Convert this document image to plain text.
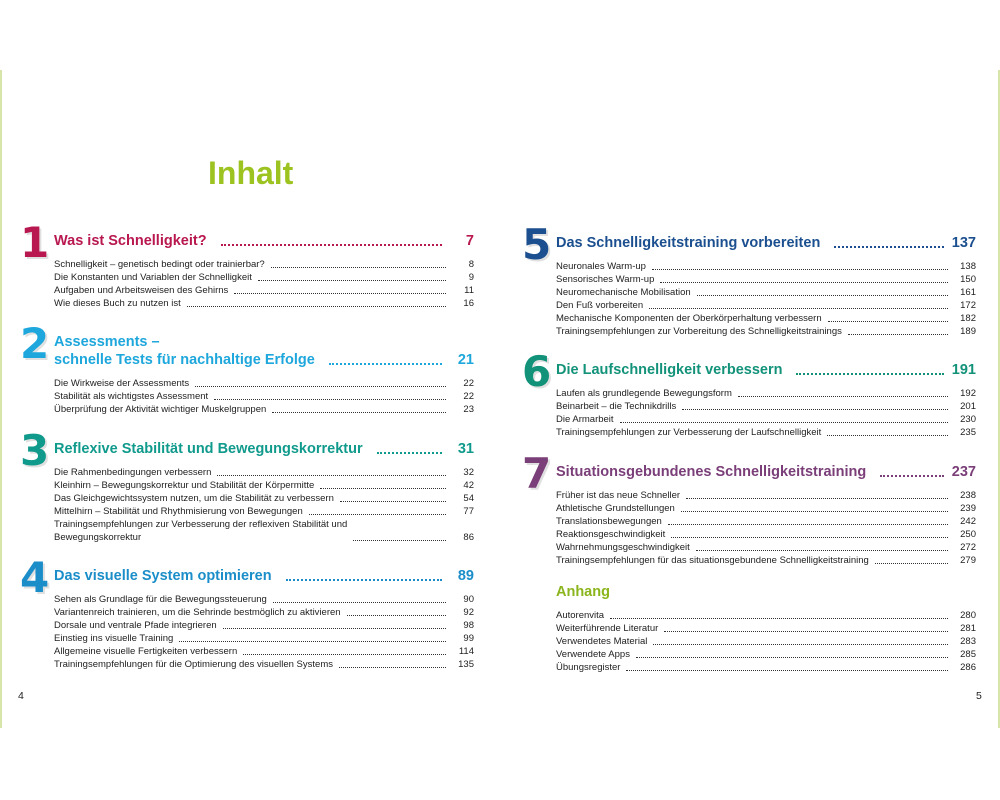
Inhalt
1 Was ist Schnelligkeit?	7
Schnelligkeit – genetisch bedingt oder trainierbar?	8
Die Konstanten und Variablen der Schnelligkeit	9
Aufgaben und Arbeitsweisen des Gehirns	11
Wie dieses Buch zu nutzen ist	16
2 Assessments –
schnelle Tests für nachhaltige Erfolge	21
Die Wirkweise der Assessments	22
Stabilität als wichtigstes Assessment	22
Überprüfung der Aktivität wichtiger Muskelgruppen	23
3 Reflexive Stabilität und Bewegungskorrektur	31
Die Rahmenbedingungen verbessern	32
Kleinhirn – Bewegungskorrektur und Stabilität der Körpermitte	42
Das Gleichgewichtssystem nutzen, um die Stabilität zu verbessern	54
Mittelhirn – Stabilität und Rhythmisierung von Bewegungen	77
Trainingsempfehlungen zur Verbesserung der reflexiven Stabilität und
Bewegungskorrektur	86
4 Das visuelle System optimieren	89
Sehen als Grundlage für die Bewegungssteuerung	90
Variantenreich trainieren, um die Sehrinde bestmöglich zu aktivieren	92
Dorsale und ventrale Pfade integrieren	98
Einstieg ins visuelle Training	99
Allgemeine visuelle Fertigkeiten verbessern	114
Trainingsempfehlungen für die Optimierung des visuellen Systems	135
5 Das Schnelligkeitstraining vorbereiten	137
Neuronales Warm-up	138
Sensorisches Warm-up	150
Neuromechanische Mobilisation	161
Den Fuß vorbereiten	172
Mechanische Komponenten der Oberkörperhaltung verbessern	182
Trainingsempfehlungen zur Vorbereitung des Schnelligkeitstrainings	189
6 Die Laufschnelligkeit verbessern	191
Laufen als grundlegende Bewegungsform	192
Beinarbeit – die Technikdrills	201
Die Armarbeit	230
Trainingsempfehlungen zur Verbesserung der Laufschnelligkeit	235
7 Situationsgebundenes Schnelligkeitstraining	237
Früher ist das neue Schneller	238
Athletische Grundstellungen	239
Translationsbewegungen	242
Reaktionsgeschwindigkeit	250
Wahrnehmungsgeschwindigkeit	272
Trainingsempfehlungen für das situationsgebundene Schnelligkeitstraining	279
Anhang
Autorenvita	280
Weiterführende Literatur	281
Verwendetes Material	283
Verwendete Apps	285
Übungsregister	286
4	5
